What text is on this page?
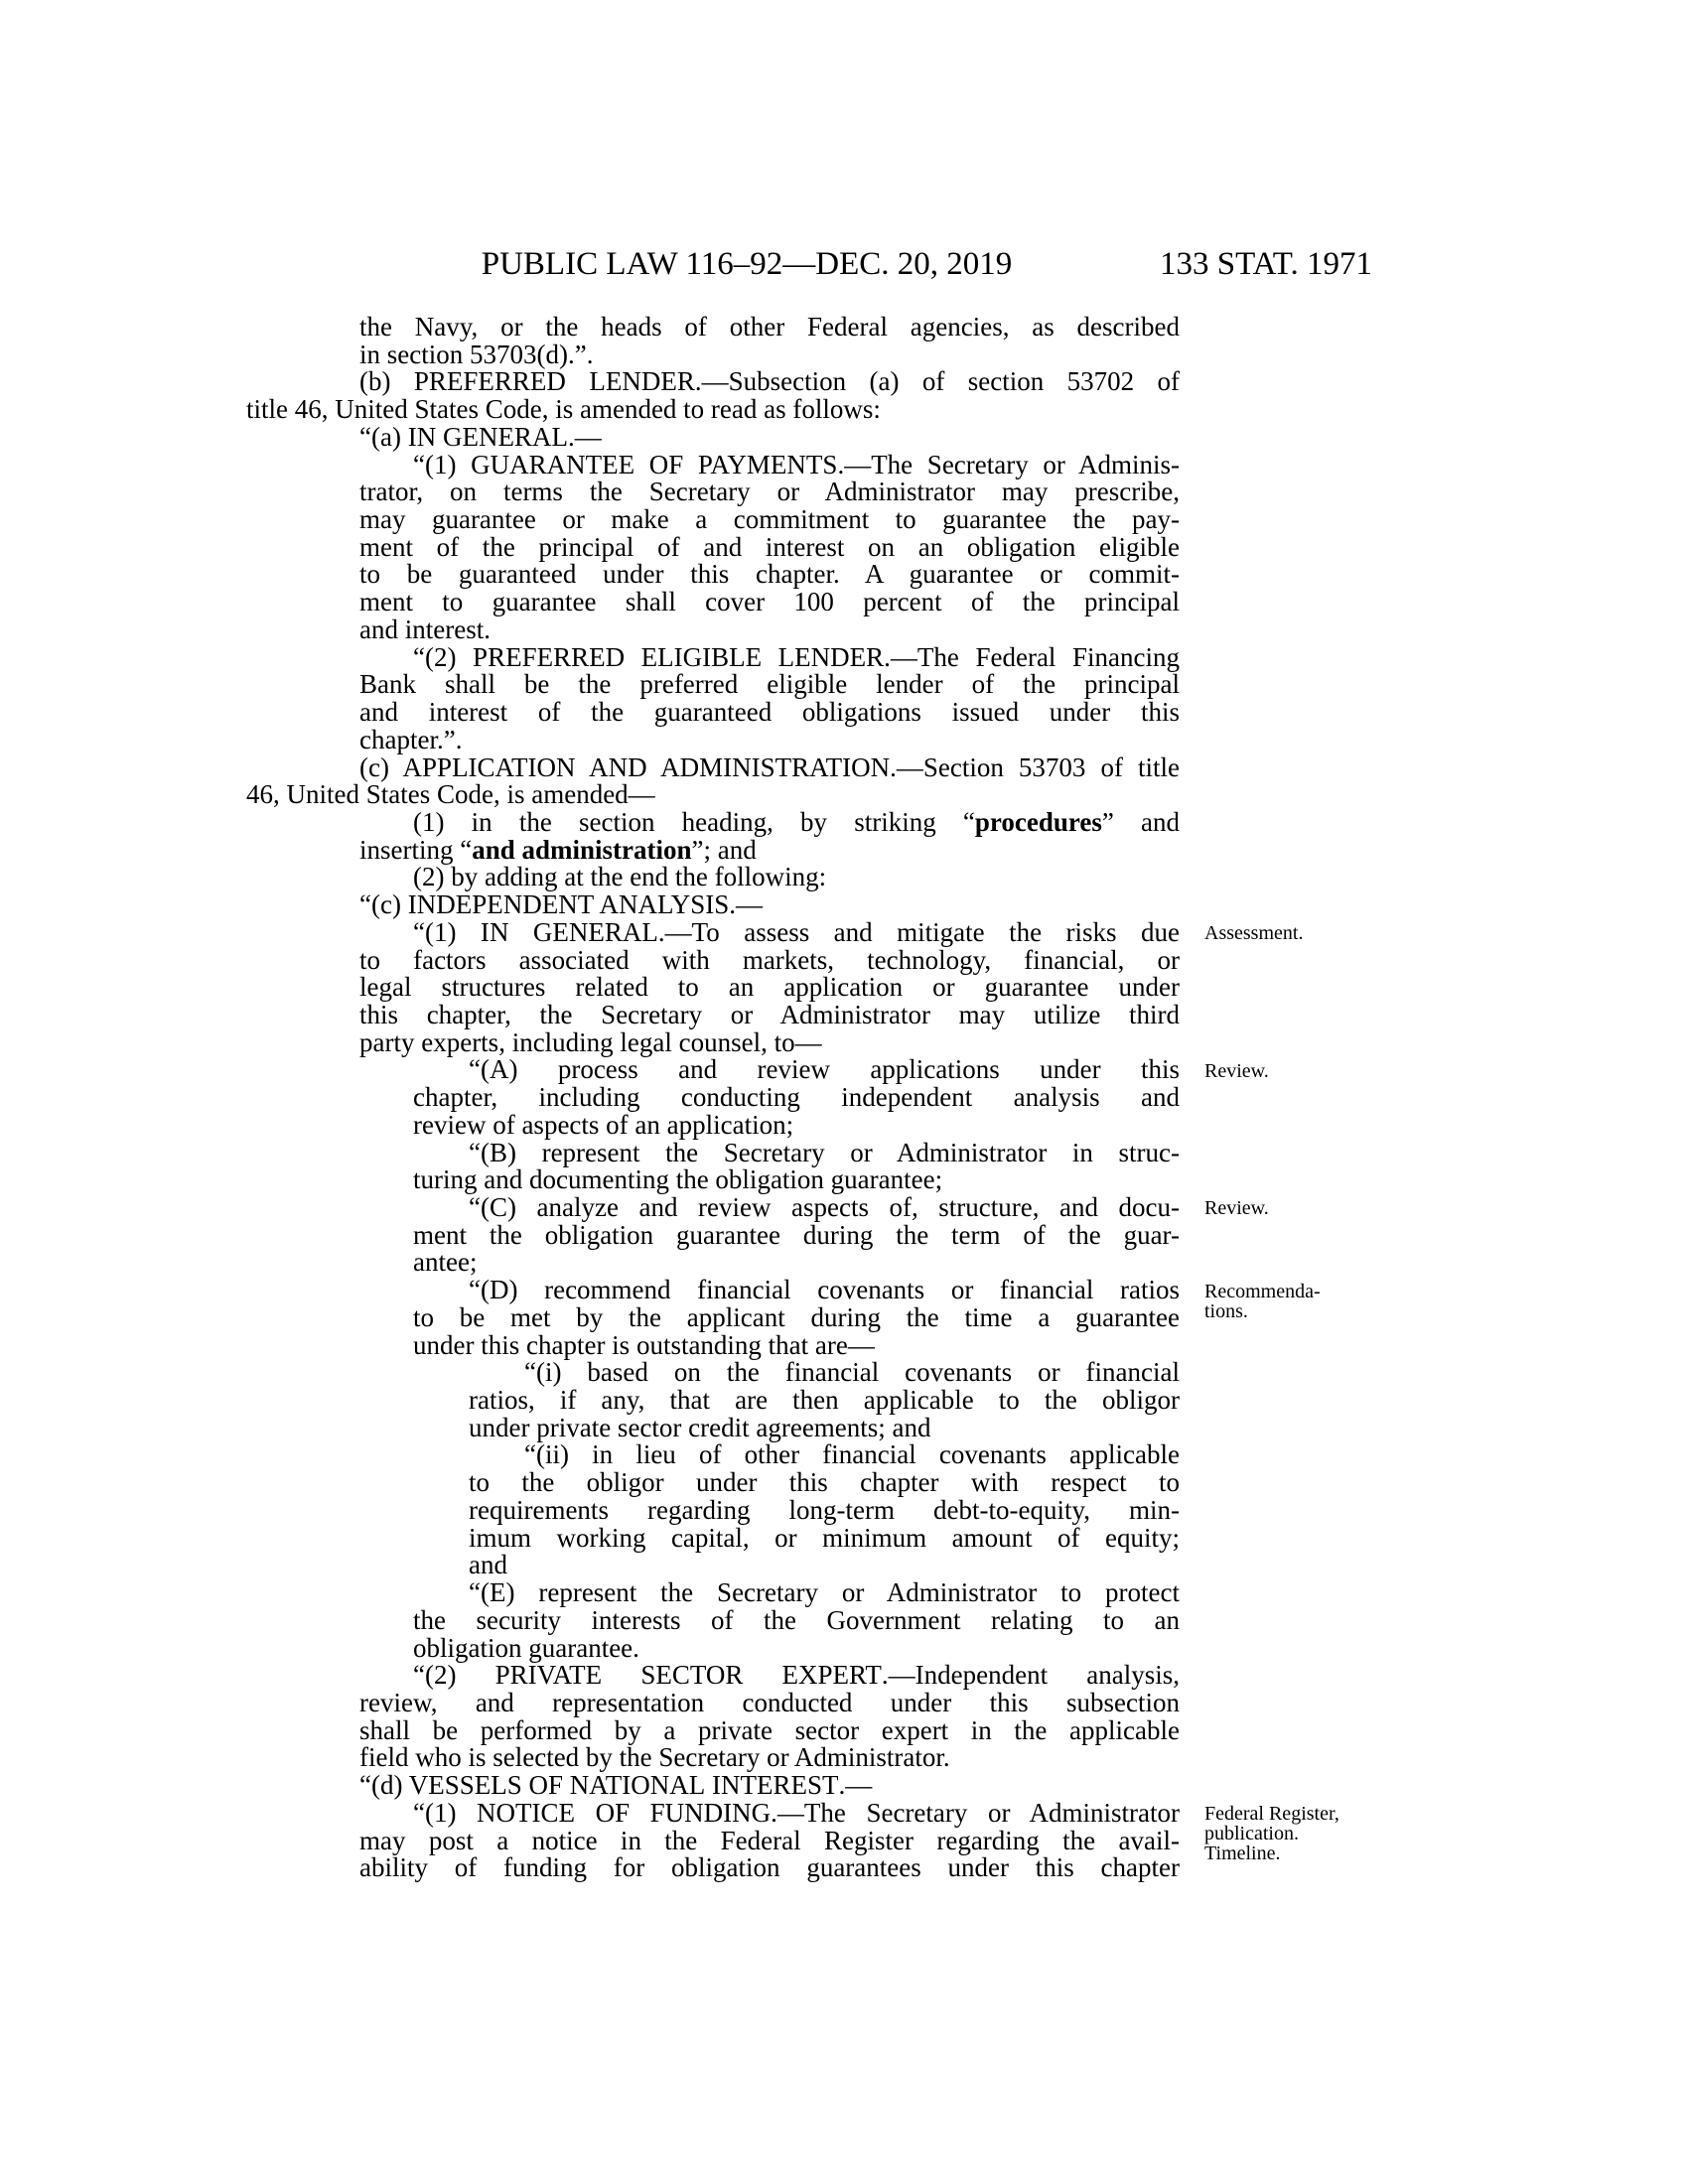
PUBLIC LAW 116–92—DEC. 20, 2019	133 STAT. 1971
the Navy, or the heads of other Federal agencies, as described
in section 53703(d).”.
(b) PREFERRED LENDER.—Subsection (a) of section 53702 of
title 46, United States Code, is amended to read as follows:
“(a) IN GENERAL.—
“(1) GUARANTEE OF PAYMENTS.—The Secretary or Adminis-
trator, on terms the Secretary or Administrator may prescribe,
may guarantee or make a commitment to guarantee the pay-
ment of the principal of and interest on an obligation eligible
to be guaranteed under this chapter. A guarantee or commit-
ment to guarantee shall cover 100 percent of the principal
and interest.
“(2) PREFERRED ELIGIBLE LENDER.—The Federal Financing
Bank shall be the preferred eligible lender of the principal
and interest of the guaranteed obligations issued under this
chapter.”.
(c) APPLICATION AND ADMINISTRATION.—Section 53703 of title
46, United States Code, is amended—
(1) in the section heading, by striking “procedures” and
inserting “and administration”; and
(2) by adding at the end the following:
“(c) INDEPENDENT ANALYSIS.—
“(1) IN GENERAL.—To assess and mitigate the risks due
to factors associated with markets, technology, financial, or
legal structures related to an application or guarantee under
this chapter, the Secretary or Administrator may utilize third
party experts, including legal counsel, to—
“(A) process and review applications under this
chapter, including conducting independent analysis and
review of aspects of an application;
“(B) represent the Secretary or Administrator in struc-
turing and documenting the obligation guarantee;
“(C) analyze and review aspects of, structure, and docu-
ment the obligation guarantee during the term of the guar-
antee;
“(D) recommend financial covenants or financial ratios
to be met by the applicant during the time a guarantee
under this chapter is outstanding that are—
“(i) based on the financial covenants or financial
ratios, if any, that are then applicable to the obligor
under private sector credit agreements; and
“(ii) in lieu of other financial covenants applicable
to the obligor under this chapter with respect to
requirements regarding long-term debt-to-equity, min-
imum working capital, or minimum amount of equity;
and
“(E) represent the Secretary or Administrator to protect
the security interests of the Government relating to an
obligation guarantee.
“(2) PRIVATE SECTOR EXPERT.—Independent analysis,
review, and representation conducted under this subsection
shall be performed by a private sector expert in the applicable
field who is selected by the Secretary or Administrator.
“(d) VESSELS OF NATIONAL INTEREST.—
“(1) NOTICE OF FUNDING.—The Secretary or Administrator
may post a notice in the Federal Register regarding the avail-
ability of funding for obligation guarantees under this chapter
Assessment.
Review.
Review.
Recommenda-
tions.
Federal Register,
publication.
Timeline.
